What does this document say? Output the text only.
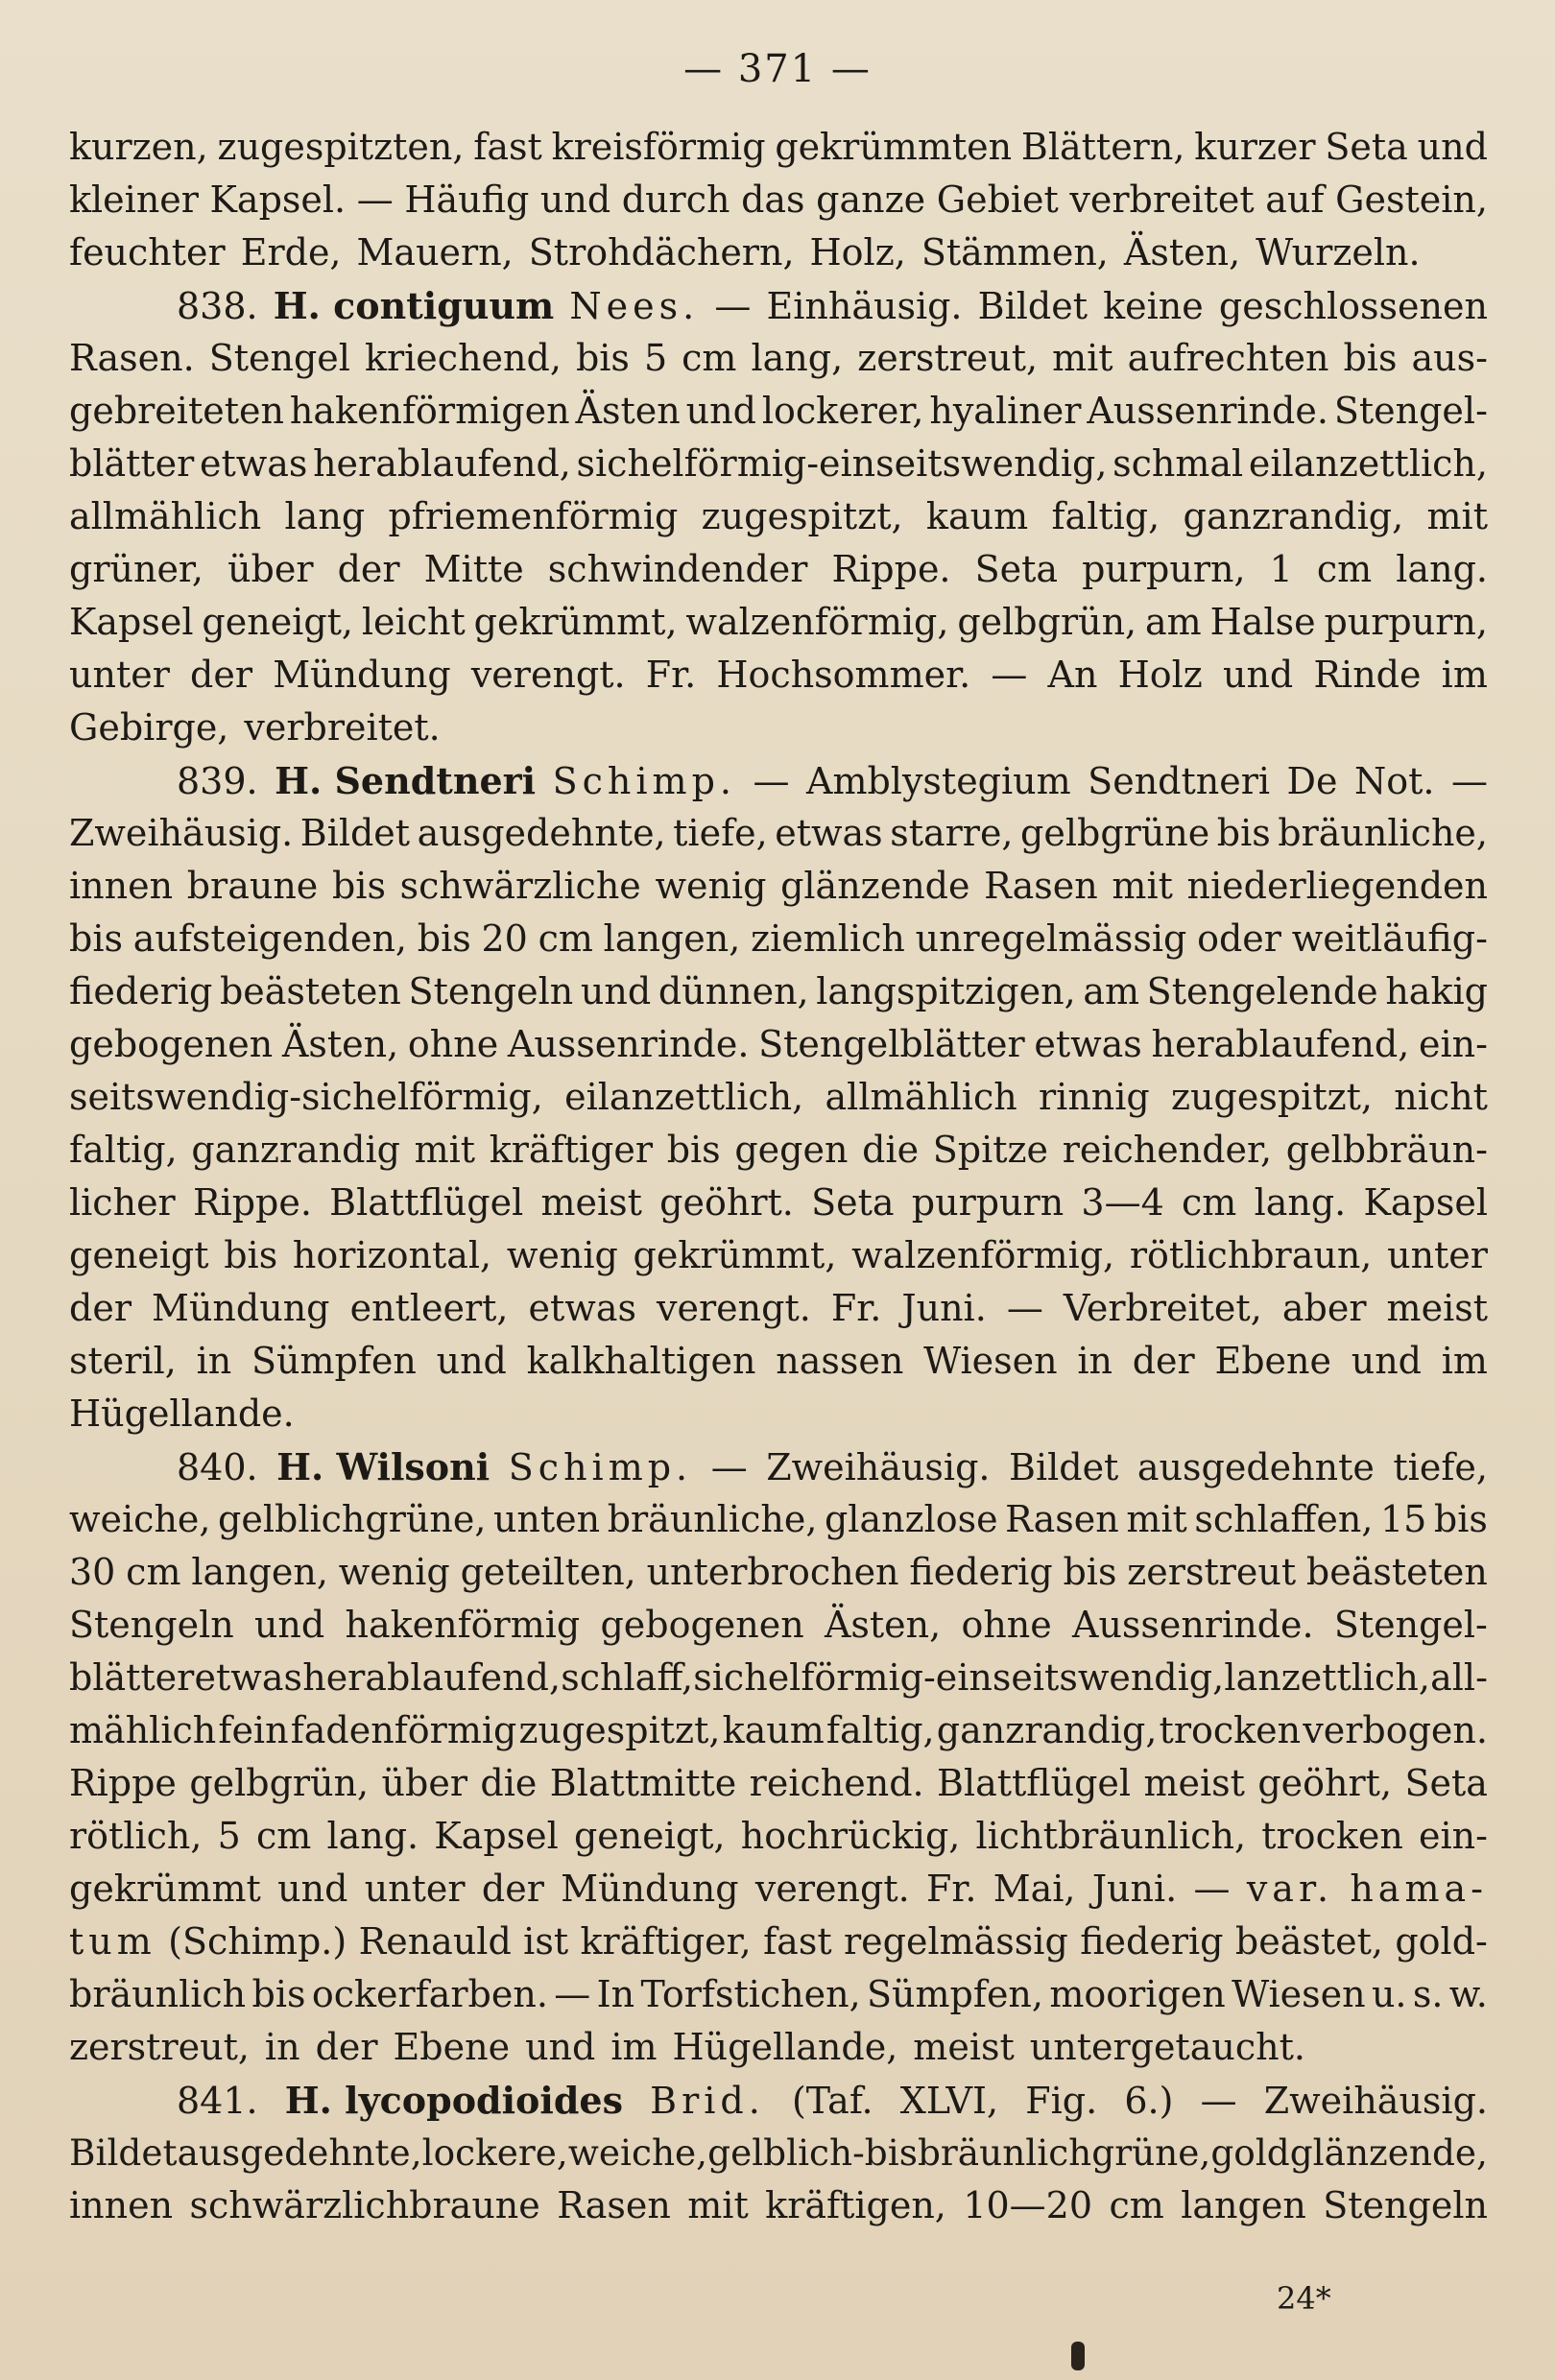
— 371 —
kurzen, zugespitzten, fast kreisförmig gekrümmten Blättern, kurzer Seta und
kleiner Kapsel. — Häufig und durch das ganze Gebiet verbreitet auf Gestein,
feuchter Erde, Mauern, Strohdächern, Holz, Stämmen, Ästen, Wurzeln.
838. H. contiguum Nees. — Einhäusig. Bildet keine geschlossenen
Rasen. Stengel kriechend, bis 5 cm lang, zerstreut, mit aufrechten bis aus-
gebreiteten hakenförmigen Ästen und lockerer, hyaliner Aussenrinde. Stengel-
blätter etwas herablaufend, sichelförmig-einseitswendig, schmal eilanzettlich,
allmählich lang pfriemenförmig zugespitzt, kaum faltig, ganzrandig, mit
grüner, über der Mitte schwindender Rippe. Seta purpurn, 1 cm lang.
Kapsel geneigt, leicht gekrümmt, walzenförmig, gelbgrün, am Halse purpurn,
unter der Mündung verengt. Fr. Hochsommer. — An Holz und Rinde im
Gebirge, verbreitet.
839. H. Sendtneri Schimp. — Amblystegium Sendtneri De Not. —
Zweihäusig. Bildet ausgedehnte, tiefe, etwas starre, gelbgrüne bis bräunliche,
innen braune bis schwärzliche wenig glänzende Rasen mit niederliegenden
bis aufsteigenden, bis 20 cm langen, ziemlich unregelmässig oder weitläufig-
fiederig beästeten Stengeln und dünnen, langspitzigen, am Stengelende hakig
gebogenen Ästen, ohne Aussenrinde. Stengelblätter etwas herablaufend, ein-
seitswendig-sichelförmig, eilanzettlich, allmählich rinnig zugespitzt, nicht
faltig, ganzrandig mit kräftiger bis gegen die Spitze reichender, gelbbräun-
licher Rippe. Blattflügel meist geöhrt. Seta purpurn 3—4 cm lang. Kapsel
geneigt bis horizontal, wenig gekrümmt, walzenförmig, rötlichbraun, unter
der Mündung entleert, etwas verengt. Fr. Juni. — Verbreitet, aber meist
steril, in Sümpfen und kalkhaltigen nassen Wiesen in der Ebene und im
Hügellande.
840. H. Wilsoni Schimp. — Zweihäusig. Bildet ausgedehnte tiefe,
weiche, gelblichgrüne, unten bräunliche, glanzlose Rasen mit schlaffen, 15 bis
30 cm langen, wenig geteilten, unterbrochen fiederig bis zerstreut beästeten
Stengeln und hakenförmig gebogenen Ästen, ohne Aussenrinde. Stengel-
blätter etwas herablaufend, schlaff, sichelförmig-einseitswendig, lanzettlich, all-
mählich fein fadenförmig zugespitzt, kaum faltig, ganzrandig, trocken verbogen.
Rippe gelbgrün, über die Blattmitte reichend. Blattflügel meist geöhrt, Seta
rötlich, 5 cm lang. Kapsel geneigt, hochrückig, lichtbräunlich, trocken ein-
gekrümmt und unter der Mündung verengt. Fr. Mai, Juni. — var. hama-
tum (Schimp.) Renauld ist kräftiger, fast regelmässig fiederig beästet, gold-
bräunlich bis ockerfarben. — In Torfstichen, Sümpfen, moorigen Wiesen u. s. w.
zerstreut, in der Ebene und im Hügellande, meist untergetaucht.
841. H. lycopodioides Brid. (Taf. XLVI, Fig. 6.) — Zweihäusig.
Bildet ausgedehnte, lockere, weiche, gelblich- bis bräunlichgrüne, goldglänzende,
innen schwärzlichbraune Rasen mit kräftigen, 10—20 cm langen Stengeln
24*
